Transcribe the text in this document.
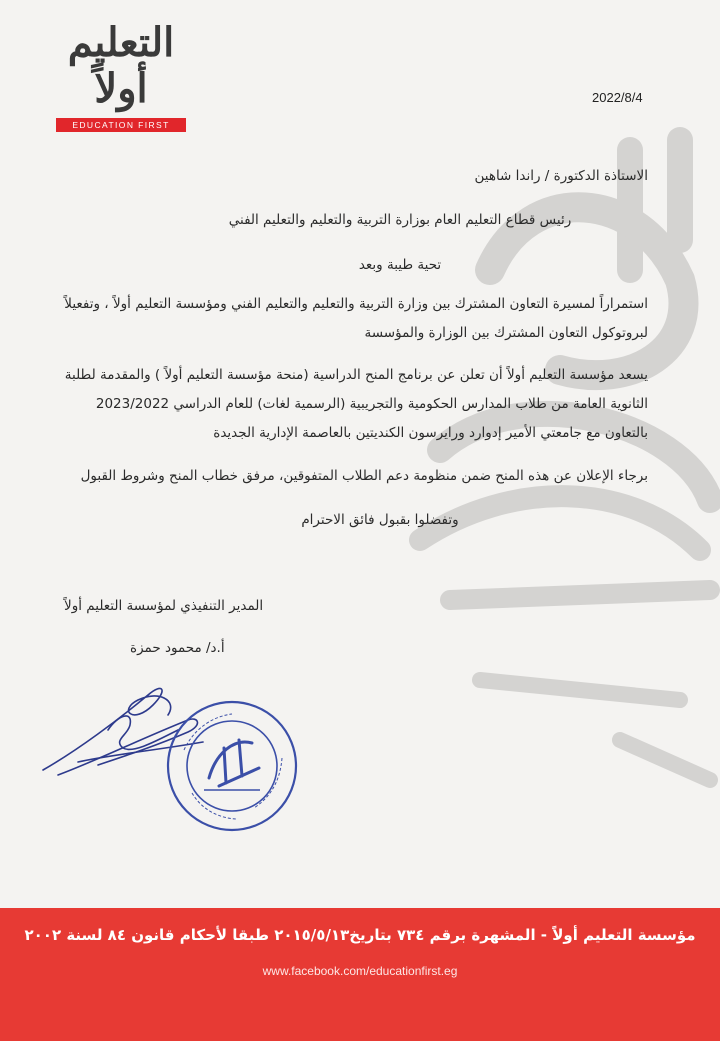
التعليم أولاً
EDUCATION FIRST
2022/8/4
الاستاذة الدكتورة / راندا شاهين
رئيس قطاع التعليم العام بوزارة التربية والتعليم والتعليم الفني
تحية طيبة وبعد
استمراراً لمسيرة التعاون المشترك بين وزارة التربية والتعليم والتعليم الفني ومؤسسة التعليم أولاً ، وتفعيلاً
لبروتوكول التعاون المشترك بين الوزارة والمؤسسة
يسعد مؤسسة التعليم أولاً أن تعلن عن برنامج المنح الدراسية (منحة مؤسسة التعليم أولاً ) والمقدمة لطلبة
الثانوية العامة من طلاب المدارس الحكومية والتجريبية (الرسمية لغات) للعام الدراسي 2023/2022
بالتعاون مع جامعتي الأمير إدوارد ورايرسون الكنديتين بالعاصمة الإدارية الجديدة
برجاء الإعلان عن هذه المنح ضمن منظومة دعم الطلاب المتفوقين، مرفق خطاب المنح وشروط القبول
وتفضلوا بقبول فائق الاحترام
المدير التنفيذي لمؤسسة التعليم أولاً
أ.د/ محمود حمزة
مؤسسة التعليم أولاً - المشهرة برقم ٧٣٤ بتاريخ٢٠١٥/٥/١٣ طبقا لأحكام قانون ٨٤ لسنة ٢٠٠٢
www.facebook.com/educationfirst.eg
